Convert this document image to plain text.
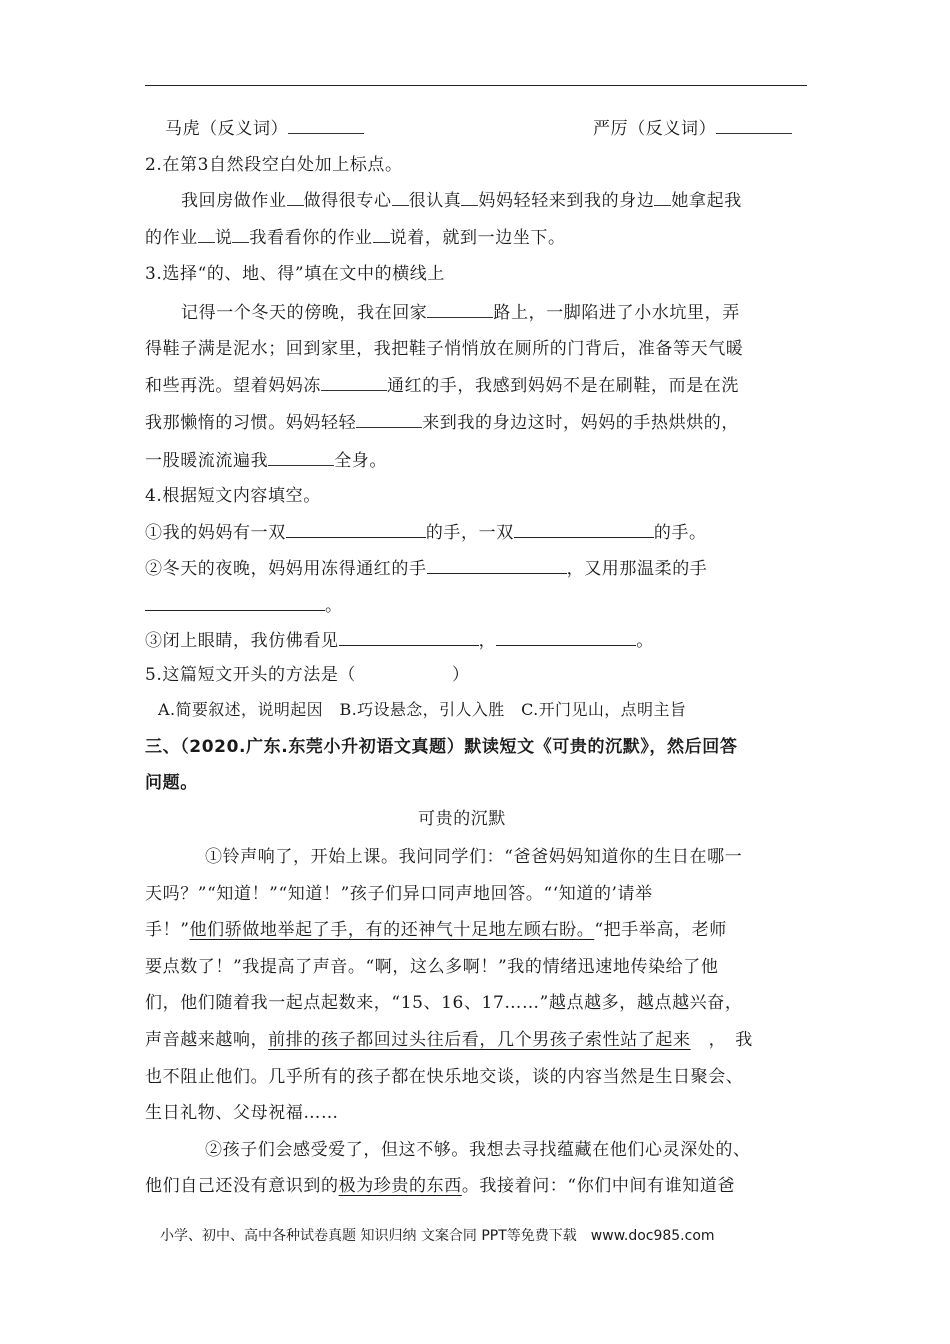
马虎（反义词）	严厉（反义词）
2.在第3自然段空白处加上标点。
我回房做作业 做得很专心 很认真 妈妈轻轻来到我的身边 她拿起我
的作业 说 我看看你的作业 说着，就到一边坐下。
3.选择“的、地、得”填在文中的横线上
记得一个冬天的傍晚，我在回家	路上，一脚陷进了小水坑里，弄
得鞋子满是泥水；回到家里，我把鞋子悄悄放在厕所的门背后，准备等天气暖
和些再洗。望着妈妈冻	通红的手，我感到妈妈不是在刷鞋，而是在洗
我那懒惰的习惯。妈妈轻轻	来到我的身边这时，妈妈的手热烘烘的，
一股暖流流遍我	全身。
4.根据短文内容填空。
①我的妈妈有一双	的手，一双	的手。
②冬天的夜晚，妈妈用冻得通红的手	，又用那温柔的手
。
③闭上眼睛，我仿佛看见	，	。
5.这篇短文开头的方法是（	）
A.简要叙述，说明起因　B.巧设悬念，引人入胜　C.开门见山，点明主旨
三、（2020.广东.东莞小升初语文真题）默读短文《可贵的沉默》，然后回答
问题。
可贵的沉默
①铃声响了，开始上课。我问同学们：“爸爸妈妈知道你的生日在哪一
天吗？”“知道！”“知道！”孩子们异口同声地回答。“‘知道的’请举
手！”他们骄做地举起了手，有的还神气十足地左顾右盼。“把手举高，老师
要点数了！”我提高了声音。“啊，这么多啊！”我的情绪迅速地传染给了他
们，他们随着我一起点起数来，“15、16、17……”越点越多，越点越兴奋，
声音越来越响，前排的孩子都回过头往后看，几个男孩子索性站了起来 ，　我
也不阻止他们。几乎所有的孩子都在快乐地交谈，谈的内容当然是生日聚会、
生日礼物、父母祝福……
②孩子们会感受爱了，但这不够。我想去寻找蕴藏在他们心灵深处的、
他们自己还没有意识到的极为珍贵的东西。我接着问：“你们中间有谁知道爸
小学、初中、高中各种试卷真题 知识归纳 文案合同 PPT等免费下载 www.doc985.com
